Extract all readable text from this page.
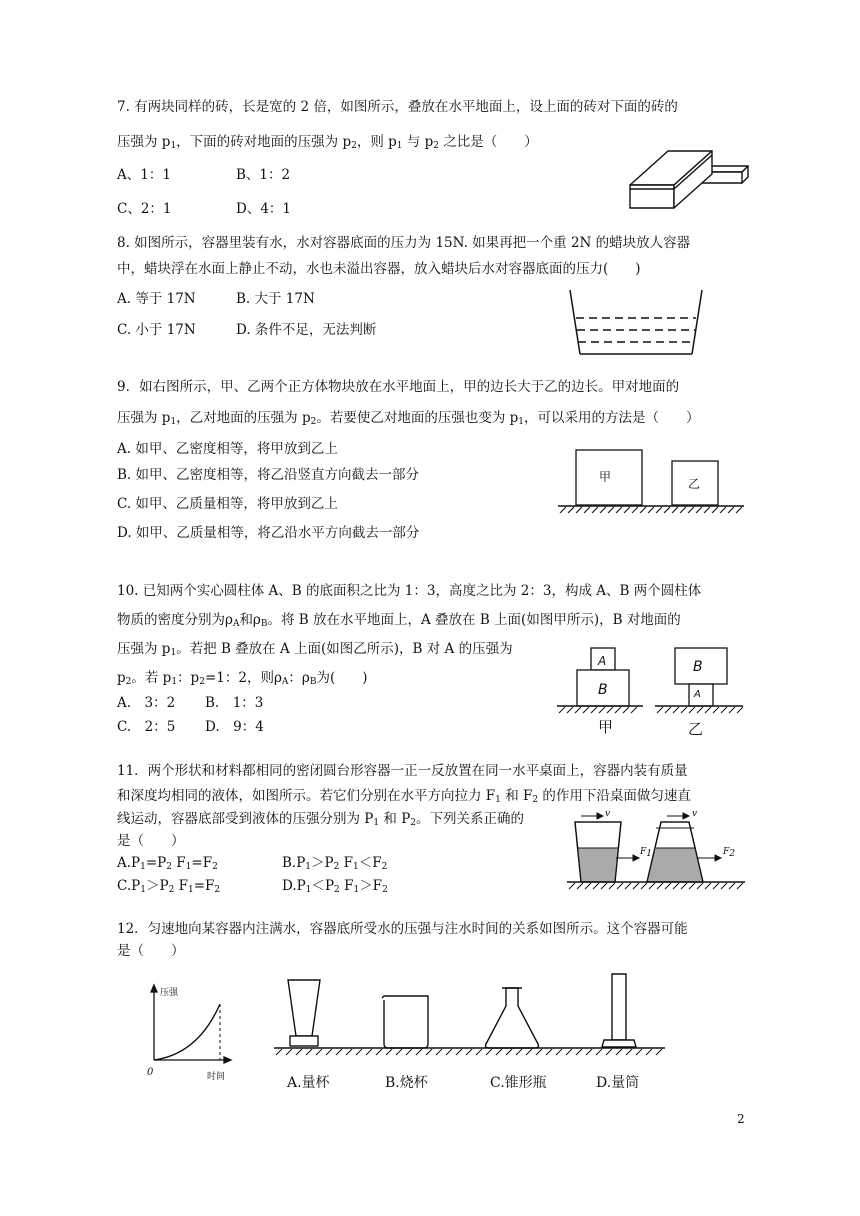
7. 有两块同样的砖，长是宽的 2 倍，如图所示，叠放在水平地面上，设上面的砖对下面的砖的
压强为 $p_1$，下面的砖对地面的压强为 $p_2$，则 $p_1$ 与 $p_2$ 之比是（　　）
A、1：1	B、1：2
C、2：1	D、4：1
8. 如图所示，容器里装有水，水对容器底面的压力为 15N. 如果再把一个重 2N 的蜡块放人容器
中，蜡块浮在水面上静止不动，水也未溢出容器，放入蜡块后水对容器底面的压力(　　)
A. 等于 17N	B. 大于 17N
C. 小于 17N	D. 条件不足，无法判断
9．如右图所示，甲、乙两个正方体物块放在水平地面上，甲的边长大于乙的边长。甲对地面的
压强为 $p_1$，乙对地面的压强为 $p_2$。若要使乙对地面的压强也变为 $p_1$，可以采用的方法是（　　）
A. 如甲、乙密度相等，将甲放到乙上
B. 如甲、乙密度相等，将乙沿竖直方向截去一部分
C. 如甲、乙质量相等，将甲放到乙上
D. 如甲、乙质量相等，将乙沿水平方向截去一部分
甲	乙
10. 已知两个实心圆柱体 A、B 的底面积之比为 1：3，高度之比为 2：3，构成 A、B 两个圆柱体
物质的密度分别为$\rho_A$和$\rho_B$。将 B 放在水平地面上，A 叠放在 B 上面(如图甲所示)，B 对地面的
压强为 $p_1$。若把 B 叠放在 A 上面(如图乙所示)，B 对 A 的压强为
$p_2$。若 $p_1$：$p_2=1$：2，则$\rho_A$：$\rho_B$为(　　)
A.　3：2 B.　1：3
C.　2：5 D.　9：4
A
B
B
A
甲	乙
11．两个形状和材料都相同的密闭圆台形容器一正一反放置在同一水平桌面上，容器内装有质量
和深度均相同的液体，如图所示。若它们分别在水平方向拉力 $F_1$ 和 $F_2$ 的作用下沿桌面做匀速直
线运动，容器底部受到液体的压强分别为 $P_1$ 和 $P_2$。下列关系正确的
是（　　）
$A.P_1=P_2$ $F_1=F_2$	$B.P_1>P_2$ $F_1<F_2$
$C.P_1>P_2$ $F_1=F_2$	$D.P_1<P_2$ $F_1>F_2$
v	v
$F_1$	$F_2$
12．匀速地向某容器内注满水，容器底所受水的压强与注水时间的关系如图所示。这个容器可能
是（　　）
压强
时间
0
A.量杯	B.烧杯	C.锥形瓶	D.量筒
2
